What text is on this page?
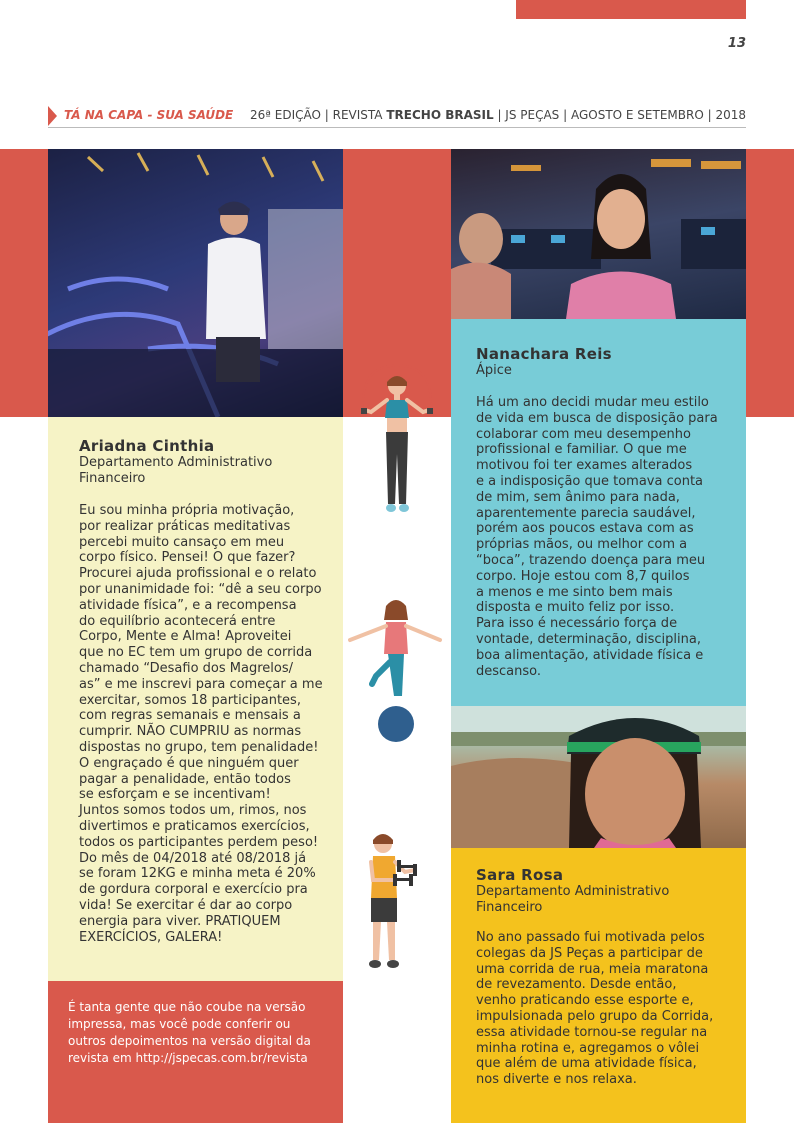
13
TÁ NA CAPA - SUA SAÚDE 26ª EDIÇÃO | REVISTA TRECHO BRASIL | JS PEÇAS | AGOSTO E SETEMBRO | 2018
Ariadna Cinthia
Departamento Administrativo
Financeiro
Eu sou minha própria motivação,
por realizar práticas meditativas
percebi muito cansaço em meu
corpo físico. Pensei! O que fazer?
Procurei ajuda profissional e o relato
por unanimidade foi: “dê a seu corpo
atividade física”, e a recompensa
do equilíbrio acontecerá entre
Corpo, Mente e Alma! Aproveitei
que no EC tem um grupo de corrida
chamado “Desafio dos Magrelos/
as” e me inscrevi para começar a me
exercitar, somos 18 participantes,
com regras semanais e mensais a
cumprir. NÃO CUMPRIU as normas
dispostas no grupo, tem penalidade!
O engraçado é que ninguém quer
pagar a penalidade, então todos
se esforçam e se incentivam!
Juntos somos todos um, rimos, nos
divertimos e praticamos exercícios,
todos os participantes perdem peso!
Do mês de 04/2018 até 08/2018 já
se foram 12KG e minha meta é 20%
de gordura corporal e exercício pra
vida! Se exercitar é dar ao corpo
energia para viver. PRATIQUEM
EXERCÍCIOS, GALERA!
Nanachara Reis
Ápice
Há um ano decidi mudar meu estilo
de vida em busca de disposição para
colaborar com meu desempenho
profissional e familiar. O que me
motivou foi ter exames alterados
e a indisposição que tomava conta
de mim, sem ânimo para nada,
aparentemente parecia saudável,
porém aos poucos estava com as
próprias mãos, ou melhor com a
“boca”, trazendo doença para meu
corpo. Hoje estou com 8,7 quilos
a menos e me sinto bem mais
disposta e muito feliz por isso.
Para isso é necessário força de
vontade, determinação, disciplina,
boa alimentação, atividade física e
descanso.
Sara Rosa
Departamento Administrativo
Financeiro
No ano passado fui motivada pelos
colegas da JS Peças a participar de
uma corrida de rua, meia maratona
de revezamento. Desde então,
venho praticando esse esporte e,
impulsionada pelo grupo da Corrida,
essa atividade tornou-se regular na
minha rotina e, agregamos o vôlei
que além de uma atividade física,
nos diverte e nos relaxa.
É tanta gente que não coube na versão
impressa, mas você pode conferir ou
outros depoimentos na versão digital da
revista em http://jspecas.com.br/revista
